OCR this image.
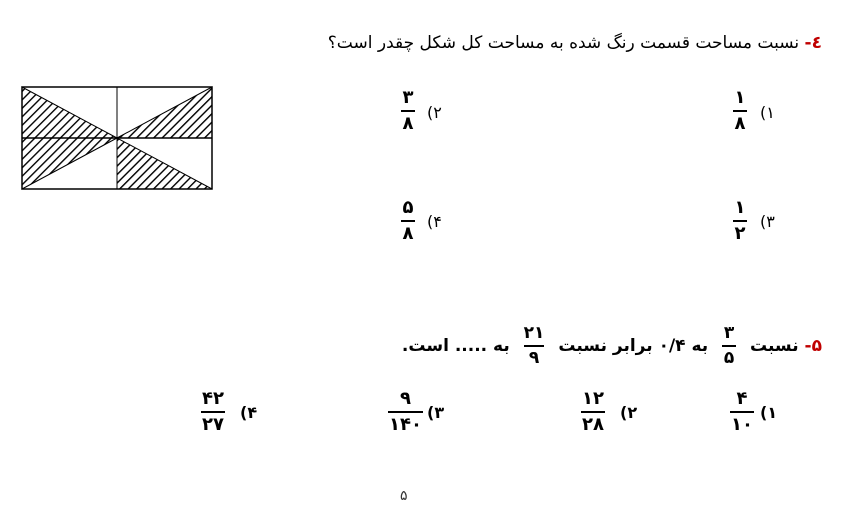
٤- نسبت مساحت قسمت رنگ شده به مساحت کل شکل چقدر است؟
۱)
۱
۸
۲)
۳
۸
۳)
۱
۲
۴)
۵
۸
۵- نسبت
$\frac{۳}{۵}$
به ۰/۴ برابر نسبت
$\frac{۲۱}{۹}$
به ..... است.
۱)
۴
۱۰
۲)
۱۲
۲۸
۳)
۹
۱۴۰
۴)
۴۲
۲۷
۵
